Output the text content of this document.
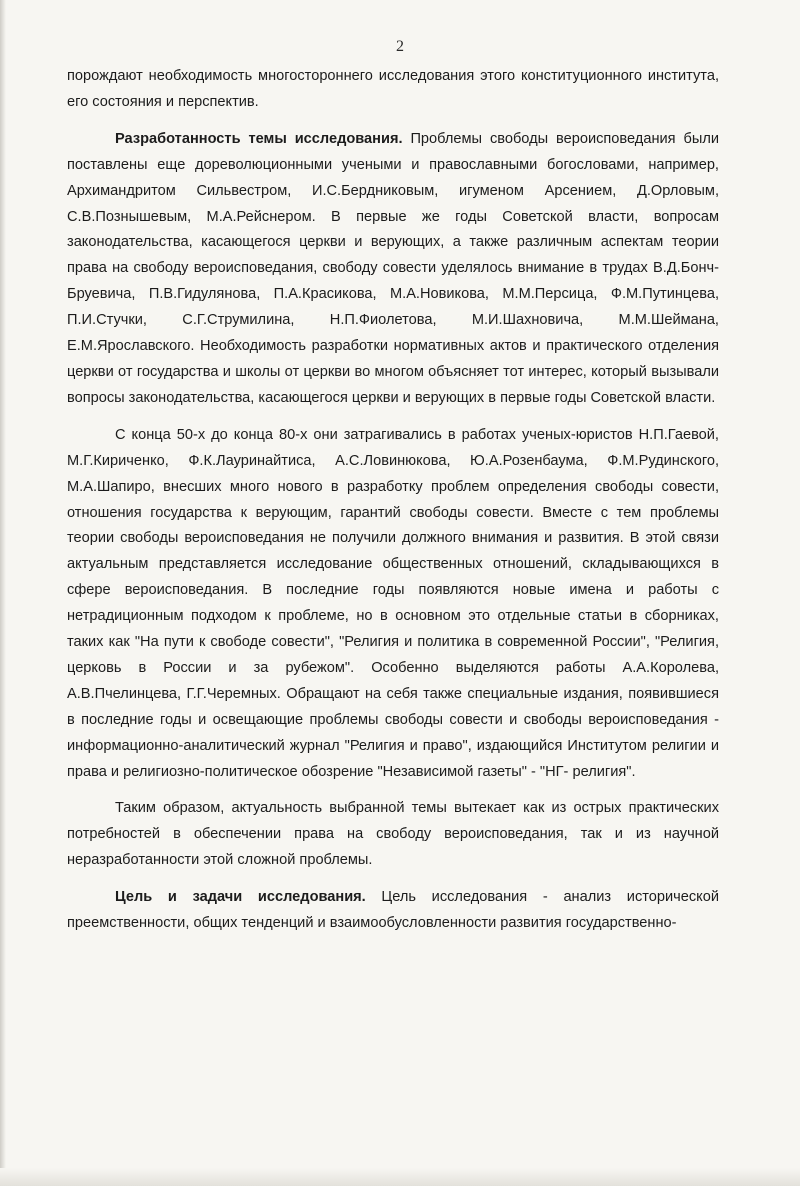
2

порождают необходимость многостороннего исследования этого конституционного института, его состояния и перспектив.

Разработанность темы исследования. Проблемы свободы вероисповедания были поставлены еще дореволюционными учеными и православными богословами, например, Архимандритом Сильвестром, И.С.Бердниковым, игуменом Арсением, Д.Орловым, С.В.Познышевым, М.А.Рейснером. В первые же годы Советской власти, вопросам законодательства, касающегося церкви и верующих, а также различным аспектам теории права на свободу вероисповедания, свободу совести уделялось внимание в трудах В.Д.Бонч-Бруевича, П.В.Гидулянова, П.А.Красикова, М.А.Новикова, М.М.Персица, Ф.М.Путинцева, П.И.Стучки, С.Г.Струмилина, Н.П.Фиолетова, М.И.Шахновича, М.М.Шеймана, Е.М.Ярославского. Необходимость разработки нормативных актов и практического отделения церкви от государства и школы от церкви во многом объясняет тот интерес, который вызывали вопросы законодательства, касающегося церкви и верующих в первые годы Советской власти.

С конца 50-х до конца 80-х они затрагивались в работах ученых-юристов Н.П.Гаевой, М.Г.Кириченко, Ф.К.Лауринайтиса, А.С.Ловинюкова, Ю.А.Розенбаума, Ф.М.Рудинского, М.А.Шапиро, внесших много нового в разработку проблем определения свободы совести, отношения государства к верующим, гарантий свободы совести. Вместе с тем проблемы теории свободы вероисповедания не получили должного внимания и развития. В этой связи актуальным представляется исследование общественных отношений, складывающихся в сфере вероисповедания. В последние годы появляются новые имена и работы с нетрадиционным подходом к проблеме, но в основном это отдельные статьи в сборниках, таких как "На пути к свободе совести", "Религия и политика в современной России", "Религия, церковь в России и за рубежом". Особенно выделяются работы А.А.Королева, А.В.Пчелинцева, Г.Г.Черемных. Обращают на себя также специальные издания, появившиеся в последние годы и освещающие проблемы свободы совести и свободы вероисповедания - информационно-аналитический журнал "Религия и право", издающийся Институтом религии и права и религиозно-политическое обозрение "Независимой газеты" - "НГ- религия".

Таким образом, актуальность выбранной темы вытекает как из острых практических потребностей в обеспечении права на свободу вероисповедания, так и из научной неразработанности этой сложной проблемы.

Цель и задачи исследования. Цель исследования - анализ исторической преемственности, общих тенденций и взаимообусловленности развития государственно-
